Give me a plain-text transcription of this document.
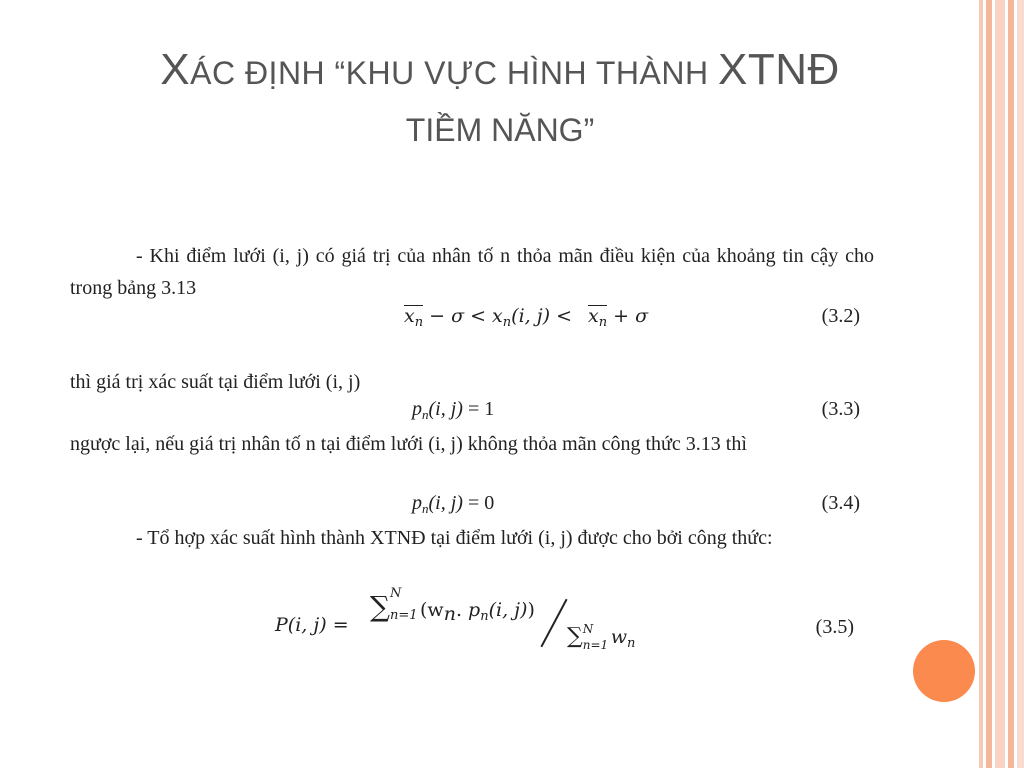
XÁC ĐỊNH “KHU VỰC HÌNH THÀNH XTNĐ
TIỀM NĂNG”
- Khi điểm lưới (i, j) có giá trị của nhân tố n thỏa mãn điều kiện của khoảng tin cậy cho trong bảng 3.13
$x_n - \sigma < x_n(i$, $j) < x_n + \sigma$	(3.2)
thì giá trị xác suất tại điểm lưới (i, j)
$p_n(i$, j) = 1	(3.3)
ngược lại, nếu giá trị nhân tố n tại điểm lưới (i, j) không thỏa mãn công thức 3.13 thì
$p_n(i$, j) = 0	(3.4)
- Tổ hợp xác suất hình thành XTNĐ tại điểm lưới (i, j) được cho bởi công thức:
P(i, j) =
∑ N
n=1 ($w_n$. $p_n(i$, j))
∑ N
n=1 $w_n$
(3.5)
